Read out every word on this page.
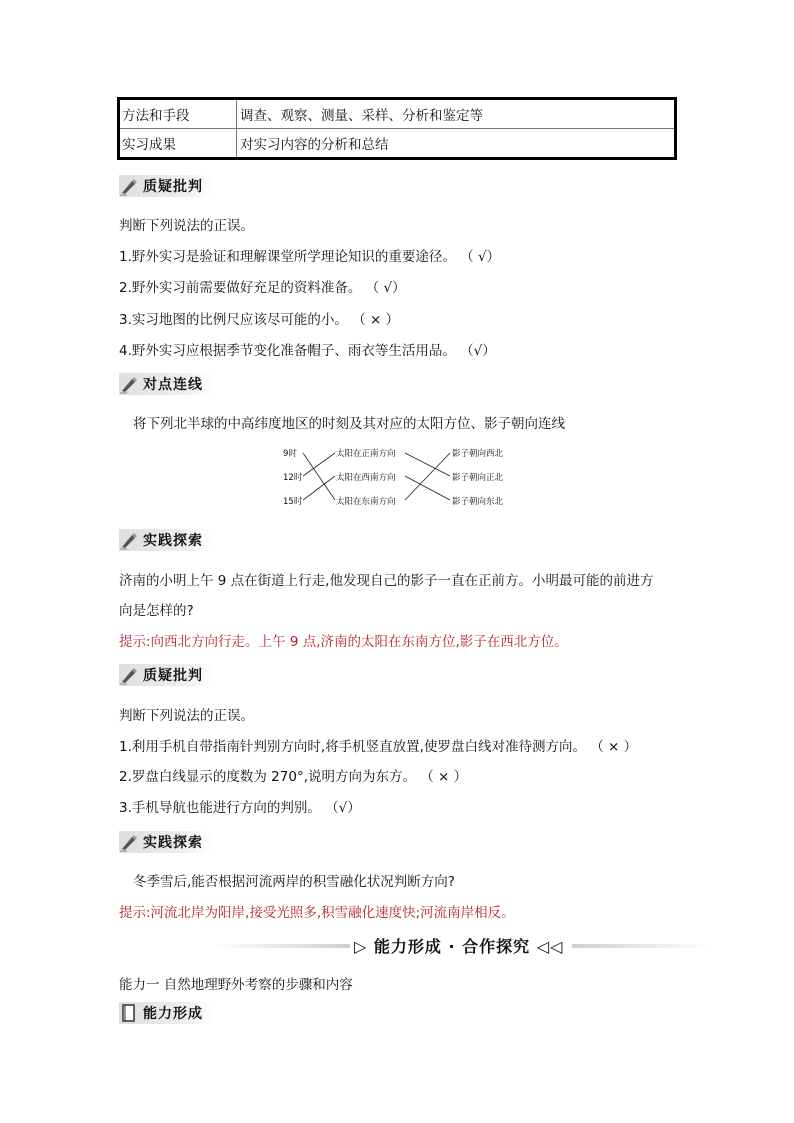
方法和手段	调查、观察、测量、采样、分析和鉴定等
实习成果	对实习内容的分析和总结
质疑批判
判断下列说法的正误。
1.野外实习是验证和理解课堂所学理论知识的重要途径。 （ √）
2.野外实习前需要做好充足的资料准备。 （ √）
3.实习地图的比例尺应该尽可能的小。 （ × ）
4.野外实习应根据季节变化准备帽子、雨衣等生活用品。 （√）
对点连线
将下列北半球的中高纬度地区的时刻及其对应的太阳方位、影子朝向连线
9时
12时
15时
太阳在正南方向
太阳在西南方向
太阳在东南方向
影子朝向西北
影子朝向正北
影子朝向东北
实践探索
济南的小明上午 9 点在街道上行走,他发现自己的影子一直在正前方。小明最可能的前进方
向是怎样的?
提示:向西北方向行走。上午 9 点,济南的太阳在东南方位,影子在西北方位。
质疑批判
判断下列说法的正误。
1.利用手机自带指南针判别方向时,将手机竖直放置,使罗盘白线对准待测方向。 （ × ）
2.罗盘白线显示的度数为 270°,说明方向为东方。 （ × ）
3.手机导航也能进行方向的判别。 （√）
实践探索
冬季雪后,能否根据河流两岸的积雪融化状况判断方向?
提示:河流北岸为阳岸,接受光照多,积雪融化速度快;河流南岸相反。
▷ 能力形成 · 合作探究 ◁◁
能力一 自然地理野外考察的步骤和内容
能力形成
